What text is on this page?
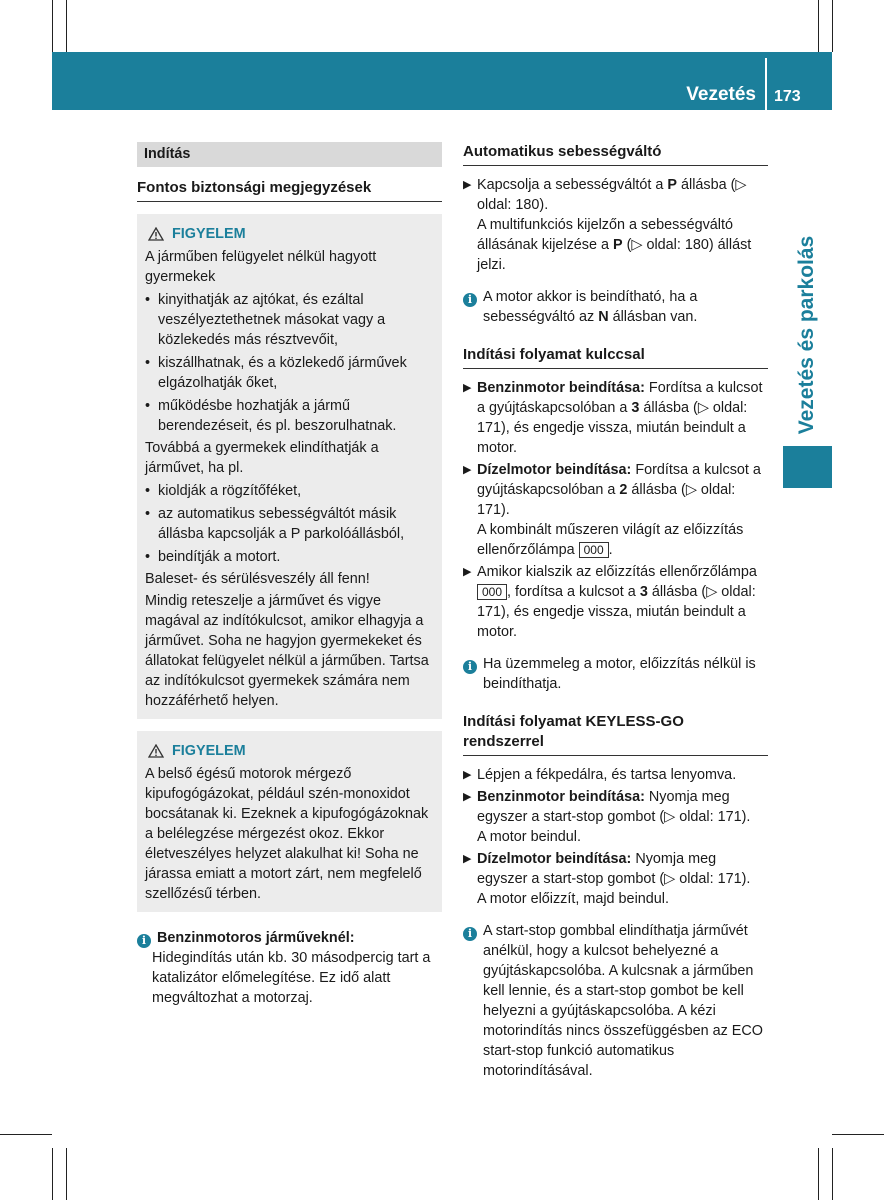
Vezetés 173
Vezetés és parkolás
Indítás
Fontos biztonsági megjegyzések
FIGYELEM

A járműben felügyelet nélkül hagyott gyermekek

• kinyithatják az ajtókat, és ezáltal veszélyeztethetnek másokat vagy a közlekedés más résztvevőit,
• kiszállhatnak, és a közlekedő járművek elgázolhatják őket,
• működésbe hozhatják a jármű berendezéseit, és pl. beszorulhatnak.

Továbbá a gyermekek elindíthatják a járművet, ha pl.

• kioldják a rögzítőféket,
• az automatikus sebességváltót másik állásba kapcsolják a P parkolóállásból,
• beindítják a motort.

Baleset- és sérülésveszély áll fenn!

Mindig reteszelje a járművet és vigye magával az indítókulcsot, amikor elhagyja a járművet. Soha ne hagyjon gyermekeket és állatokat felügyelet nélkül a járműben. Tartsa az indítókulcsot gyermekek számára nem hozzáférhető helyen.

FIGYELEM

A belső égésű motorok mérgező kipufogógázokat, például szén-monoxidot bocsátanak ki. Ezeknek a kipufogógázoknak a belélegzése mérgezést okoz. Ekkor életveszélyes helyzet alakulhat ki! Soha ne járassa emiatt a motort zárt, nem megfelelő szellőzésű térben.

i Benzinmotoros járműveknél:
Hidegindítás után kb. 30 másodpercig tart a katalizátor előmelegítése. Ez idő alatt megváltozhat a motorzaj.
Automatikus sebességváltó
▶ Kapcsolja a sebességváltót a P állásba (▷ oldal: 180).
A multifunkciós kijelzőn a sebességváltó állásának kijelzése a P (▷ oldal: 180) állást jelzi.
i A motor akkor is beindítható, ha a sebességváltó az N állásban van.
Indítási folyamat kulccsal
▶ Benzinmotor beindítása: Fordítsa a kulcsot a gyújtáskapcsolóban a 3 állásba (▷ oldal: 171), és engedje vissza, miután beindult a motor.
▶ Dízelmotor beindítása: Fordítsa a kulcsot a gyújtáskapcsolóban a 2 állásba (▷ oldal: 171).
A kombinált műszeren világít az előizzítás ellenőrzőlámpa 000 .
▶ Amikor kialszik az előizzítás ellenőrzőlámpa 000 , fordítsa a kulcsot a 3 állásba (▷ oldal: 171), és engedje vissza, miután beindult a motor.
i Ha üzemmeleg a motor, előizzítás nélkül is beindíthatja.
Indítási folyamat KEYLESS-GO rendszerrel
▶ Lépjen a fékpedálra, és tartsa lenyomva.
▶ Benzinmotor beindítása: Nyomja meg egyszer a start-stop gombot (▷ oldal: 171).
A motor beindul.
▶ Dízelmotor beindítása: Nyomja meg egyszer a start-stop gombot (▷ oldal: 171).
A motor előizzít, majd beindul.
i A start-stop gombbal elindíthatja járművét anélkül, hogy a kulcsot behelyezné a gyújtáskapcsolóba. A kulcsnak a járműben kell lennie, és a start-stop gombot be kell helyezni a gyújtáskapcsolóba. A kézi motorindítás nincs összefüggésben az ECO start-stop funkció automatikus motorindításával.
